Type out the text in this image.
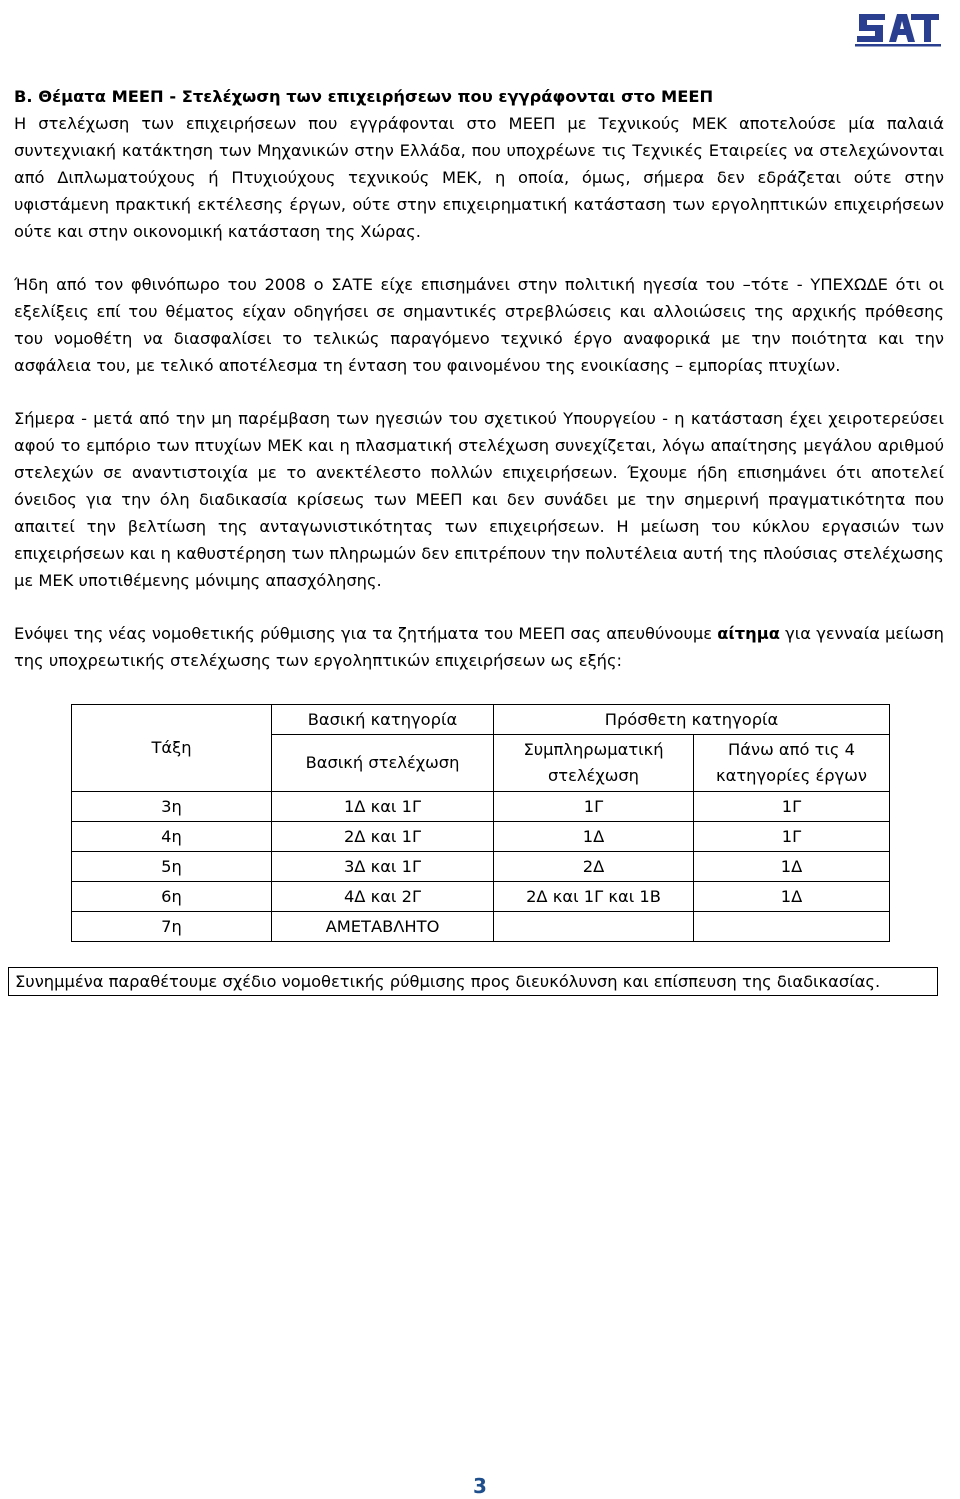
Β. Θέματα ΜΕΕΠ - Στελέχωση των επιχειρήσεων που εγγράφονται στο ΜΕΕΠ

Η στελέχωση των επιχειρήσεων που εγγράφονται στο ΜΕΕΠ με Τεχνικούς ΜΕΚ αποτελούσε μία παλαιά συντεχνιακή κατάκτηση των Μηχανικών στην Ελλάδα, που υποχρέωνε τις Τεχνικές Εταιρείες να στελεχώνονται από Διπλωματούχους ή Πτυχιούχους τεχνικούς ΜΕΚ, η οποία, όμως, σήμερα δεν εδράζεται ούτε στην υφιστάμενη πρακτική εκτέλεσης έργων, ούτε στην επιχειρηματική κατάσταση των εργοληπτικών επιχειρήσεων ούτε και στην οικονομική κατάσταση της Χώρας.

Ήδη από τον φθινόπωρο του 2008 ο ΣΑΤΕ είχε επισημάνει στην πολιτική ηγεσία του –τότε - ΥΠΕΧΩΔΕ ότι οι εξελίξεις επί του θέματος είχαν οδηγήσει σε σημαντικές στρεβλώσεις και αλλοιώσεις της αρχικής πρόθεσης του νομοθέτη να διασφαλίσει το τελικώς παραγόμενο τεχνικό έργο αναφορικά με την ποιότητα και την ασφάλεια του, με τελικό αποτέλεσμα τη ένταση του φαινομένου της ενοικίασης – εμπορίας πτυχίων.

Σήμερα - μετά από την μη παρέμβαση των ηγεσιών του σχετικού Υπουργείου - η κατάσταση έχει χειροτερεύσει αφού το εμπόριο των πτυχίων ΜΕΚ και η πλασματική στελέχωση συνεχίζεται, λόγω απαίτησης μεγάλου αριθμού στελεχών σε αναντιστοιχία με το ανεκτέλεστο πολλών επιχειρήσεων. Έχουμε ήδη επισημάνει ότι αποτελεί όνειδος για την όλη διαδικασία κρίσεως των ΜΕΕΠ και δεν συνάδει με την σημερινή πραγματικότητα που απαιτεί την βελτίωση της ανταγωνιστικότητας των επιχειρήσεων. Η μείωση του κύκλου εργασιών των επιχειρήσεων και η καθυστέρηση των πληρωμών δεν επιτρέπουν την πολυτέλεια αυτή της πλούσιας στελέχωσης με ΜΕΚ υποτιθέμενης μόνιμης απασχόλησης.

Ενόψει της νέας νομοθετικής ρύθμισης για τα ζητήματα του ΜΕΕΠ σας απευθύνουμε αίτημα για γενναία μείωση της υποχρεωτικής στελέχωσης των εργοληπτικών επιχειρήσεων ως εξής:

Τάξη	Βασική κατηγορία	Πρόσθετη κατηγορία	
	Βασική στελέχωση	Συμπληρωματική στελέχωση	Πάνω από τις 4 κατηγορίες έργων
3η	1Δ και 1Γ	1Γ	1Γ
4η	2Δ και 1Γ	1Δ	1Γ
5η	3Δ και 1Γ	2Δ	1Δ
6η	4Δ και 2Γ	2Δ και 1Γ και 1Β	1Δ
7η	ΑΜΕΤΑΒΛΗΤΟ		

Συνημμένα παραθέτουμε σχέδιο νομοθετικής ρύθμισης προς διευκόλυνση και επίσπευση της διαδικασίας.

3
